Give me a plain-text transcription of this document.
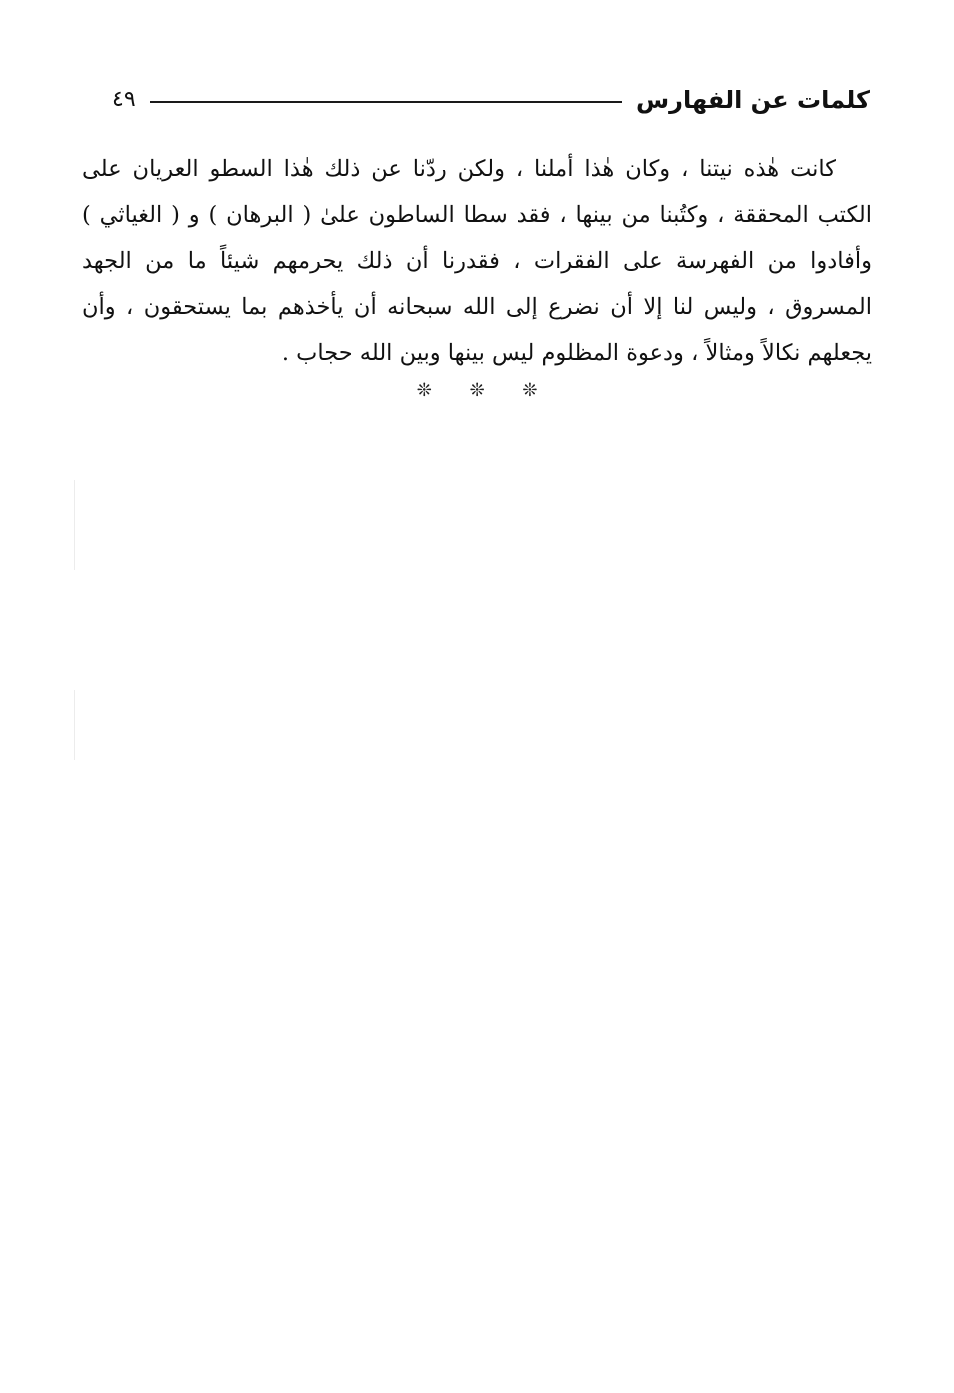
كلمات عن الفهارس
٤٩
كانت هٰذه نيتنا ، وكان هٰذا أملنا ، ولكن ردّنا عن ذلك هٰذا السطو العريان على
الكتب المحققة ، وكتُبنا من بينها ، فقد سطا الساطون علىٰ ( البرهان ) و ( الغياثي )
وأفادوا من الفهرسة على الفقرات ، فقدرنا أن ذلك يحرمهم شيئاً ما من الجهد
المسروق ، وليس لنا إلا أن نضرع إلى الله سبحانه أن يأخذهم بما يستحقون ، وأن
يجعلهم نكالاً ومثالاً ، ودعوة المظلوم ليس بينها وبين الله حجاب .
❊ ❊ ❊
